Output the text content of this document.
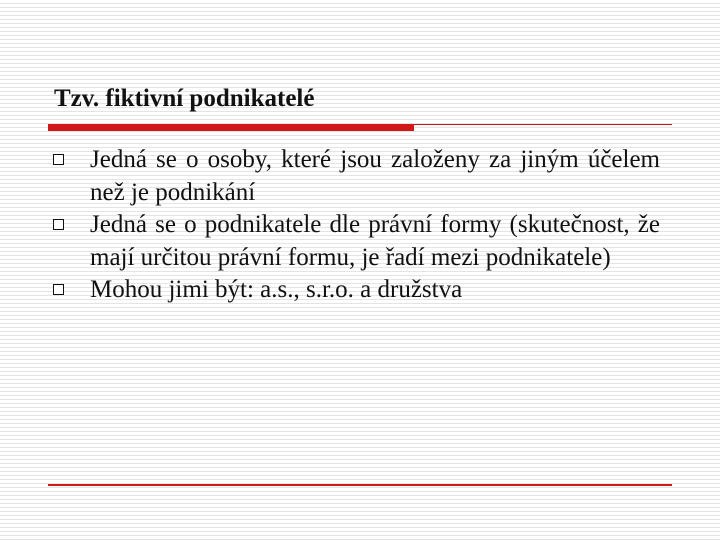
Tzv. fiktivní podnikatelé
Jedná se o osoby, které jsou založeny za jiným účelem než je podnikání
Jedná se o podnikatele dle právní formy (skutečnost, že mají určitou právní formu, je řadí mezi podnikatele)
Mohou jimi být: a.s., s.r.o. a družstva
